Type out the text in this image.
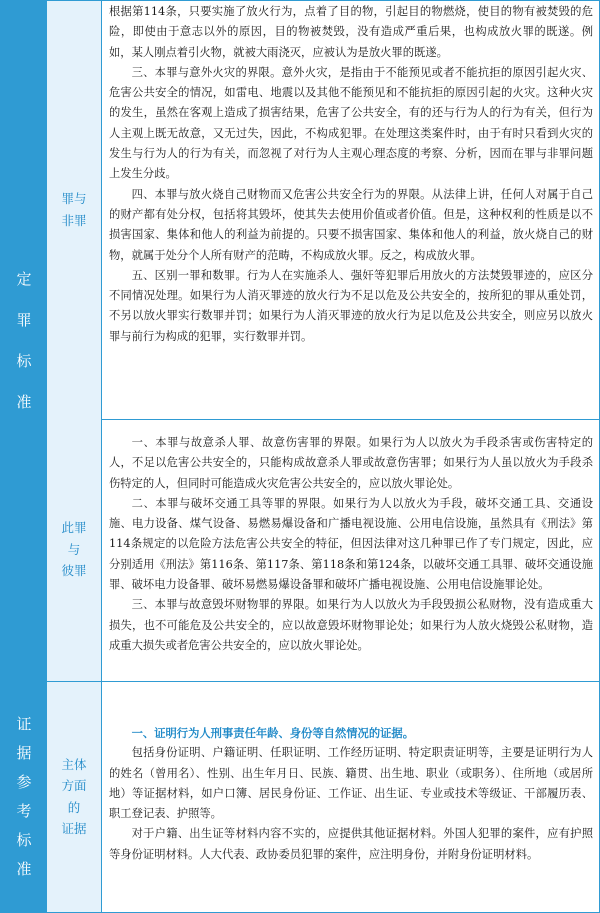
定
罪
标
准
罪与
非罪

根据第114条，只要实施了放火行为，点着了目的物，引起目的物燃烧，使目的物有被焚毁的危险，即使由于意志以外的原因，目的物被焚毁，没有造成严重后果，也构成放火罪的既遂。例如，某人刚点着引火物，就被大雨浇灭，应被认为是放火罪的既遂。

三、本罪与意外火灾的界限。意外火灾，是指由于不能预见或者不能抗拒的原因引起火灾、危害公共安全的情况，如雷电、地震以及其他不能预见和不能抗拒的原因引起的火灾。这种火灾的发生，虽然在客观上造成了损害结果，危害了公共安全，有的还与行为人的行为有关，但行为人主观上既无故意，又无过失，因此，不构成犯罪。在处理这类案件时，由于有时只看到火灾的发生与行为人的行为有关，而忽视了对行为人主观心理态度的考察、分析，因而在罪与非罪问题上发生分歧。

四、本罪与放火烧自己财物而又危害公共安全行为的界限。从法律上讲，任何人对属于自己的财产都有处分权，包括将其毁坏，使其失去使用价值或者价值。但是，这种权利的性质是以不损害国家、集体和他人的利益为前提的。只要不损害国家、集体和他人的利益，放火烧自己的财物，就属于处分个人所有财产的范畴，不构成放火罪。反之，构成放火罪。

五、区别一罪和数罪。行为人在实施杀人、强奸等犯罪后用放火的方法焚毁罪迹的，应区分不同情况处理。如果行为人消灭罪迹的放火行为不足以危及公共安全的，按所犯的罪从重处罚，不另以放火罪实行数罪并罚；如果行为人消灭罪迹的放火行为足以危及公共安全，则应另以放火罪与前行为构成的犯罪，实行数罪并罚。

此罪
与
彼罪

一、本罪与故意杀人罪、故意伤害罪的界限。如果行为人以放火为手段杀害或伤害特定的人，不足以危害公共安全的，只能构成故意杀人罪或故意伤害罪；如果行为人虽以放火为手段杀伤特定的人，但同时可能造成火灾危害公共安全的，应以放火罪论处。

二、本罪与破坏交通工具等罪的界限。如果行为人以放火为手段，破坏交通工具、交通设施、电力设备、煤气设备、易燃易爆设备和广播电视设施、公用电信设施，虽然具有《刑法》第114条规定的以危险方法危害公共安全的特征，但因法律对这几种罪已作了专门规定，因此，应分别适用《刑法》第116条、第117条、第118条和第124条，以破坏交通工具罪、破坏交通设施罪、破坏电力设备罪、破坏易燃易爆设备罪和破坏广播电视设施、公用电信设施罪论处。

三、本罪与故意毁坏财物罪的界限。如果行为人以放火为手段毁损公私财物，没有造成重大损失，也不可能危及公共安全的，应以故意毁坏财物罪论处；如果行为人放火烧毁公私财物，造成重大损失或者危害公共安全的，应以放火罪论处。

证
据
参
考
标
准
主体
方面
的
证据

一、证明行为人刑事责任年龄、身份等自然情况的证据。

包括身份证明、户籍证明、任职证明、工作经历证明、特定职责证明等，主要是证明行为人的姓名（曾用名）、性别、出生年月日、民族、籍贯、出生地、职业（或职务）、住所地（或居所地）等证据材料，如户口簿、居民身份证、工作证、出生证、专业或技术等级证、干部履历表、职工登记表、护照等。

对于户籍、出生证等材料内容不实的，应提供其他证据材料。外国人犯罪的案件，应有护照等身份证明材料。人大代表、政协委员犯罪的案件，应注明身份，并附身份证明材料。
